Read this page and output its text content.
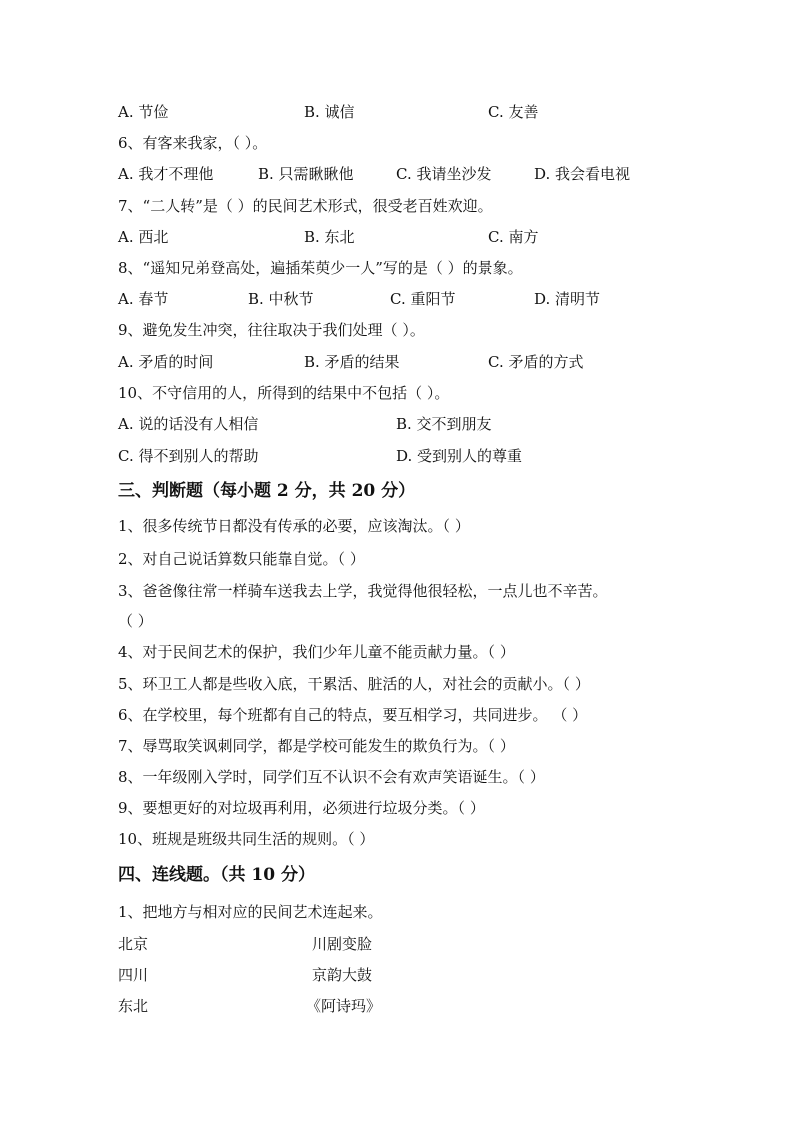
A. 节俭	B. 诚信	C. 友善
6、有客来我家，（ ）。
A. 我才不理他	B. 只需瞅瞅他	C. 我请坐沙发	D. 我会看电视
7、“二人转”是（ ）的民间艺术形式，很受老百姓欢迎。
A. 西北	B. 东北	C. 南方
8、“遥知兄弟登高处，遍插茱萸少一人”写的是（ ）的景象。
A. 春节	B. 中秋节	C. 重阳节	D. 清明节
9、避免发生冲突，往往取决于我们处理（ ）。
A. 矛盾的时间	B. 矛盾的结果	C. 矛盾的方式
10、不守信用的人，所得到的结果中不包括（ ）。
A. 说的话没有人相信	B. 交不到朋友
C. 得不到别人的帮助	D. 受到别人的尊重
三、判断题（每小题 2 分，共 20 分）
1、很多传统节日都没有传承的必要，应该淘汰。（ ）
2、对自己说话算数只能靠自觉。（ ）
3、爸爸像往常一样骑车送我去上学，我觉得他很轻松，一点儿也不辛苦。
（ ）
4、对于民间艺术的保护，我们少年儿童不能贡献力量。（ ）
5、环卫工人都是些收入底，干累活、脏活的人，对社会的贡献小。（ ）
6、在学校里，每个班都有自己的特点，要互相学习，共同进步。 （ ）
7、辱骂取笑讽刺同学，都是学校可能发生的欺负行为。（ ）
8、一年级刚入学时，同学们互不认识不会有欢声笑语诞生。（ ）
9、要想更好的对垃圾再利用，必须进行垃圾分类。（ ）
10、班规是班级共同生活的规则。（ ）
四、连线题。（共 10 分）
1、把地方与相对应的民间艺术连起来。
北京	川剧变脸
四川	京韵大鼓
东北	《阿诗玛》
